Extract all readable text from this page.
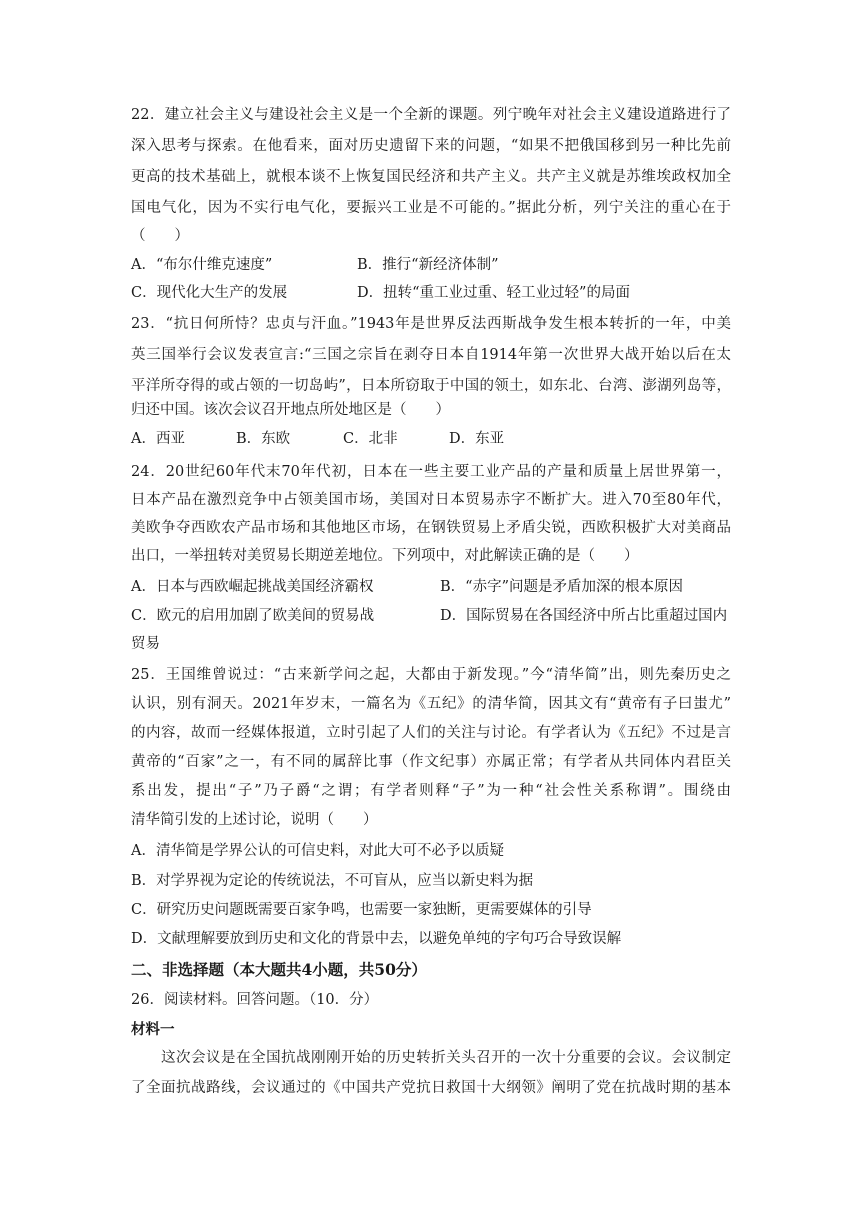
22．建立社会主义与建设社会主义是一个全新的课题。列宁晚年对社会主义建设道路进行了
深入思考与探索。在他看来，面对历史遗留下来的问题，“如果不把俄国移到另一种比先前
更高的技术基础上，就根本谈不上恢复国民经济和共产主义。共产主义就是苏维埃政权加全
国电气化，因为不实行电气化，要振兴工业是不可能的。”据此分析，列宁关注的重心在于
（　　）
A．“布尔什维克速度”	B．推行“新经济体制”
C．现代化大生产的发展	D．扭转“重工业过重、轻工业过轻”的局面
23．“抗日何所恃？忠贞与汗血。”1943年是世界反法西斯战争发生根本转折的一年，中美
英三国举行会议发表宣言:“三国之宗旨在剥夺日本自1914年第一次世界大战开始以后在太
平洋所夺得的或占领的一切岛屿”，日本所窃取于中国的领土，如东北、台湾、澎湖列岛等，
归还中国。该次会议召开地点所处地区是（　　）
A．西亚	B．东欧	C．北非	D．东亚
24．20世纪60年代末70年代初，日本在一些主要工业产品的产量和质量上居世界第一，
日本产品在激烈竞争中占领美国市场，美国对日本贸易赤字不断扩大。进入70至80年代，
美欧争夺西欧农产品市场和其他地区市场，在钢铁贸易上矛盾尖锐，西欧积极扩大对美商品
出口，一举扭转对美贸易长期逆差地位。下列项中，对此解读正确的是（　　）
A．日本与西欧崛起挑战美国经济霸权	B．“赤字”问题是矛盾加深的根本原因
C．欧元的启用加剧了欧美间的贸易战	D．国际贸易在各国经济中所占比重超过国内
贸易
25．王国维曾说过：“古来新学问之起，大都由于新发现。”今“清华简”出，则先秦历史之
认识，别有洞天。2021年岁末，一篇名为《五纪》的清华简，因其文有“黄帝有子曰蚩尤”
的内容，故而一经媒体报道，立时引起了人们的关注与讨论。有学者认为《五纪》不过是言
黄帝的“百家”之一，有不同的属辞比事（作文纪事）亦属正常；有学者从共同体内君臣关
系出发，提出“子”乃子爵“之谓；有学者则释“子”为一种“社会性关系称谓”。围绕由
清华简引发的上述讨论，说明（　　）
A．清华简是学界公认的可信史料，对此大可不必予以质疑
B．对学界视为定论的传统说法，不可盲从，应当以新史料为据
C．研究历史问题既需要百家争鸣，也需要一家独断，更需要媒体的引导
D．文献理解要放到历史和文化的背景中去，以避免单纯的字句巧合导致误解
二、非选择题（本大题共4小题，共50分）
26．阅读材料。回答问题。（10．分）
材料一
这次会议是在全国抗战刚刚开始的历史转折关头召开的一次十分重要的会议。会议制定
了全面抗战路线，会议通过的《中国共产党抗日救国十大纲领》阐明了党在抗战时期的基本
